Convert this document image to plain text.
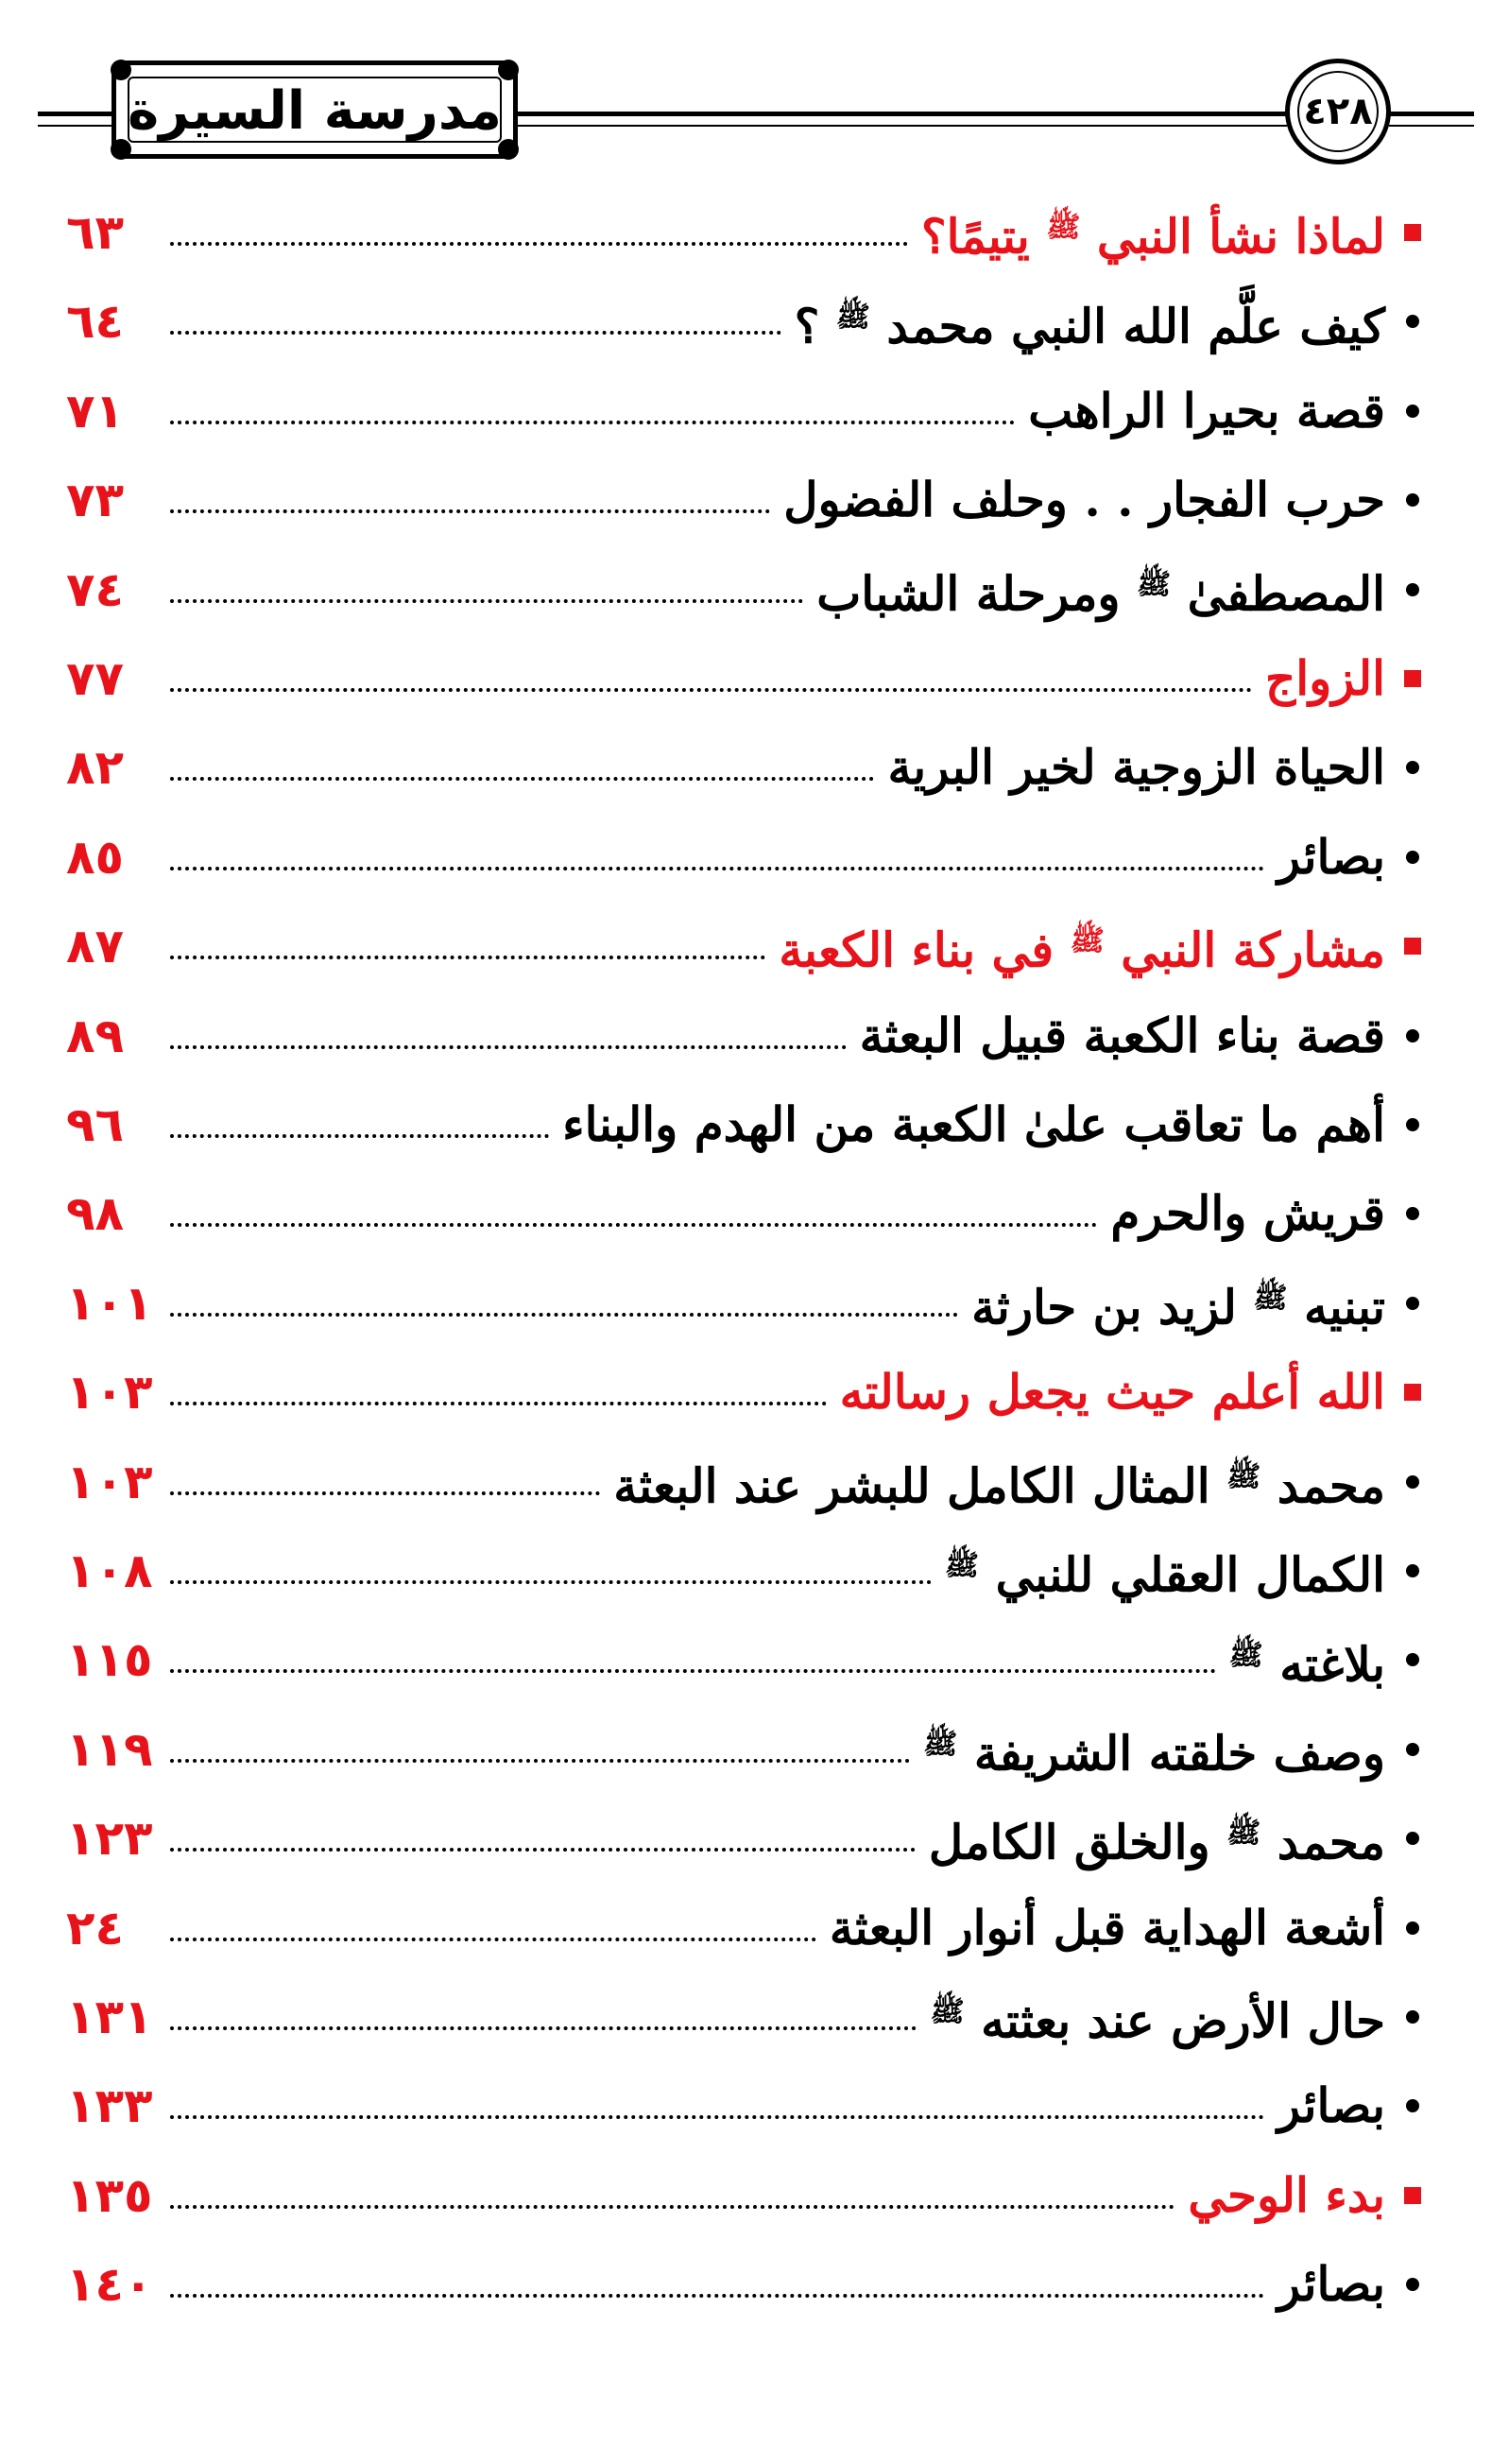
مدرسة السيرة	٤٢٨
لماذا نشأ النبي ﷺ يتيمًا؟
٦٣
كيف علَّم الله النبي محمد ﷺ ؟
٦٤
قصة بحيرا الراهب
٧١
حرب الفجار . . وحلف الفضول
٧٣
المصطفىٰ ﷺ ومرحلة الشباب
٧٤
الزواج
٧٧
الحياة الزوجية لخير البرية
٨٢
بصائر
٨٥
مشاركة النبي ﷺ في بناء الكعبة
٨٧
قصة بناء الكعبة قبيل البعثة
٨٩
أهم ما تعاقب علىٰ الكعبة من الهدم والبناء
٩٦
قريش والحرم
٩٨
تبنيه ﷺ لزيد بن حارثة
١٠١
الله أعلم حيث يجعل رسالته
١٠٣
محمد ﷺ المثال الكامل للبشر عند البعثة
١٠٣
الكمال العقلي للنبي ﷺ
١٠٨
بلاغته ﷺ
١١٥
وصف خلقته الشريفة ﷺ
١١٩
محمد ﷺ والخلق الكامل
١٢٣
أشعة الهداية قبل أنوار البعثة
٢٤
حال الأرض عند بعثته ﷺ
١٣١
بصائر
١٣٣
بدء الوحي
١٣٥
بصائر
١٤٠
